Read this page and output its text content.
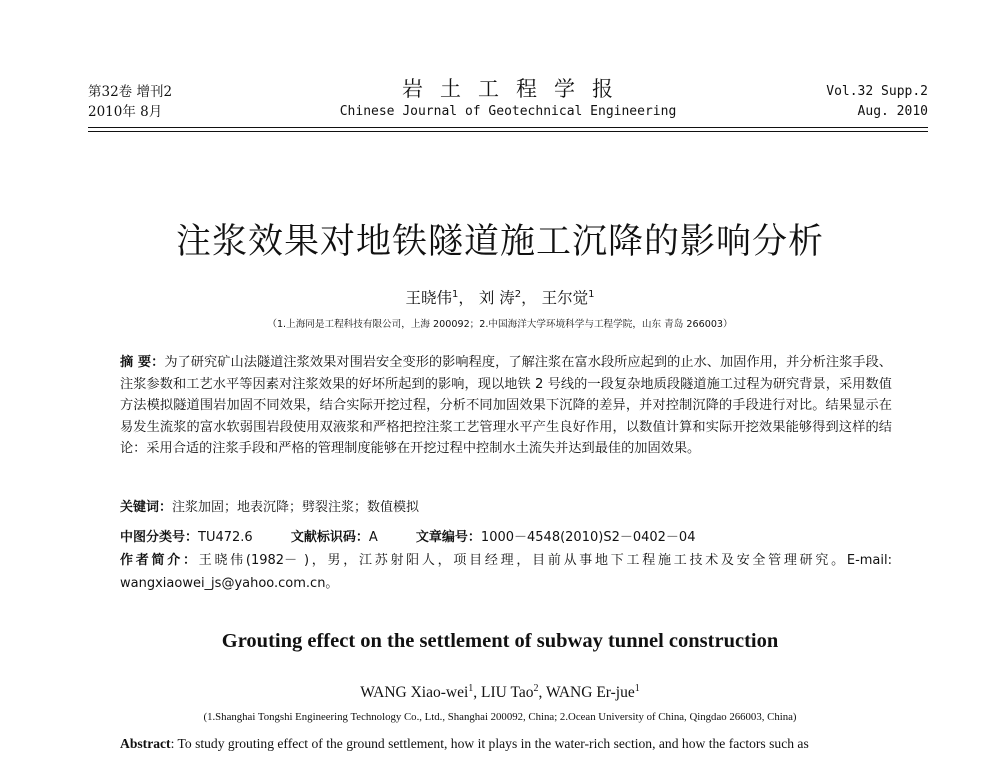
第32卷 增刊2
2010年 8月
岩土工程学报
Chinese Journal of Geotechnical Engineering
Vol.32 Supp.2
Aug. 2010
注浆效果对地铁隧道施工沉降的影响分析
王晓伟$^1$， 刘 涛$^2$， 王尔觉$^1$
（1.上海同是工程科技有限公司，上海 200092；2.中国海洋大学环境科学与工程学院，山东 青岛 266003）
摘 要：为了研究矿山法隧道注浆效果对围岩安全变形的影响程度，了解注浆在富水段所应起到的止水、加固作用，并分析注浆手段、注浆参数和工艺水平等因素对注浆效果的好坏所起到的影响，现以地铁 2 号线的一段复杂地质段隧道施工过程为研究背景，采用数值方法模拟隧道围岩加固不同效果，结合实际开挖过程，分析不同加固效果下沉降的差异，并对控制沉降的手段进行对比。结果显示在易发生流浆的富水软弱围岩段使用双液浆和严格把控注浆工艺管理水平产生良好作用，以数值计算和实际开挖效果能够得到这样的结论：采用合适的注浆手段和严格的管理制度能够在开挖过程中控制水土流失并达到最佳的加固效果。
关键词：注浆加固；地表沉降；劈裂注浆；数值模拟
中图分类号：TU472.6	文献标识码：A	文章编号：1000－4548(2010)S2－0402－04
作者简介：王晓伟(1982－ )，男，江苏射阳人，项目经理，目前从事地下工程施工技术及安全管理研究。E-mail: wangxiaowei_js@yahoo.com.cn。
Grouting effect on the settlement of subway tunnel construction
WANG Xiao-wei$^1$, LIU Tao$^2$, WANG Er-jue$^1$
(1.Shanghai Tongshi Engineering Technology Co., Ltd., Shanghai 200092, China; 2.Ocean University of China, Qingdao 266003, China)
Abstract: To study grouting effect of the ground settlement, how it plays in the water-rich section, and how the factors such as
